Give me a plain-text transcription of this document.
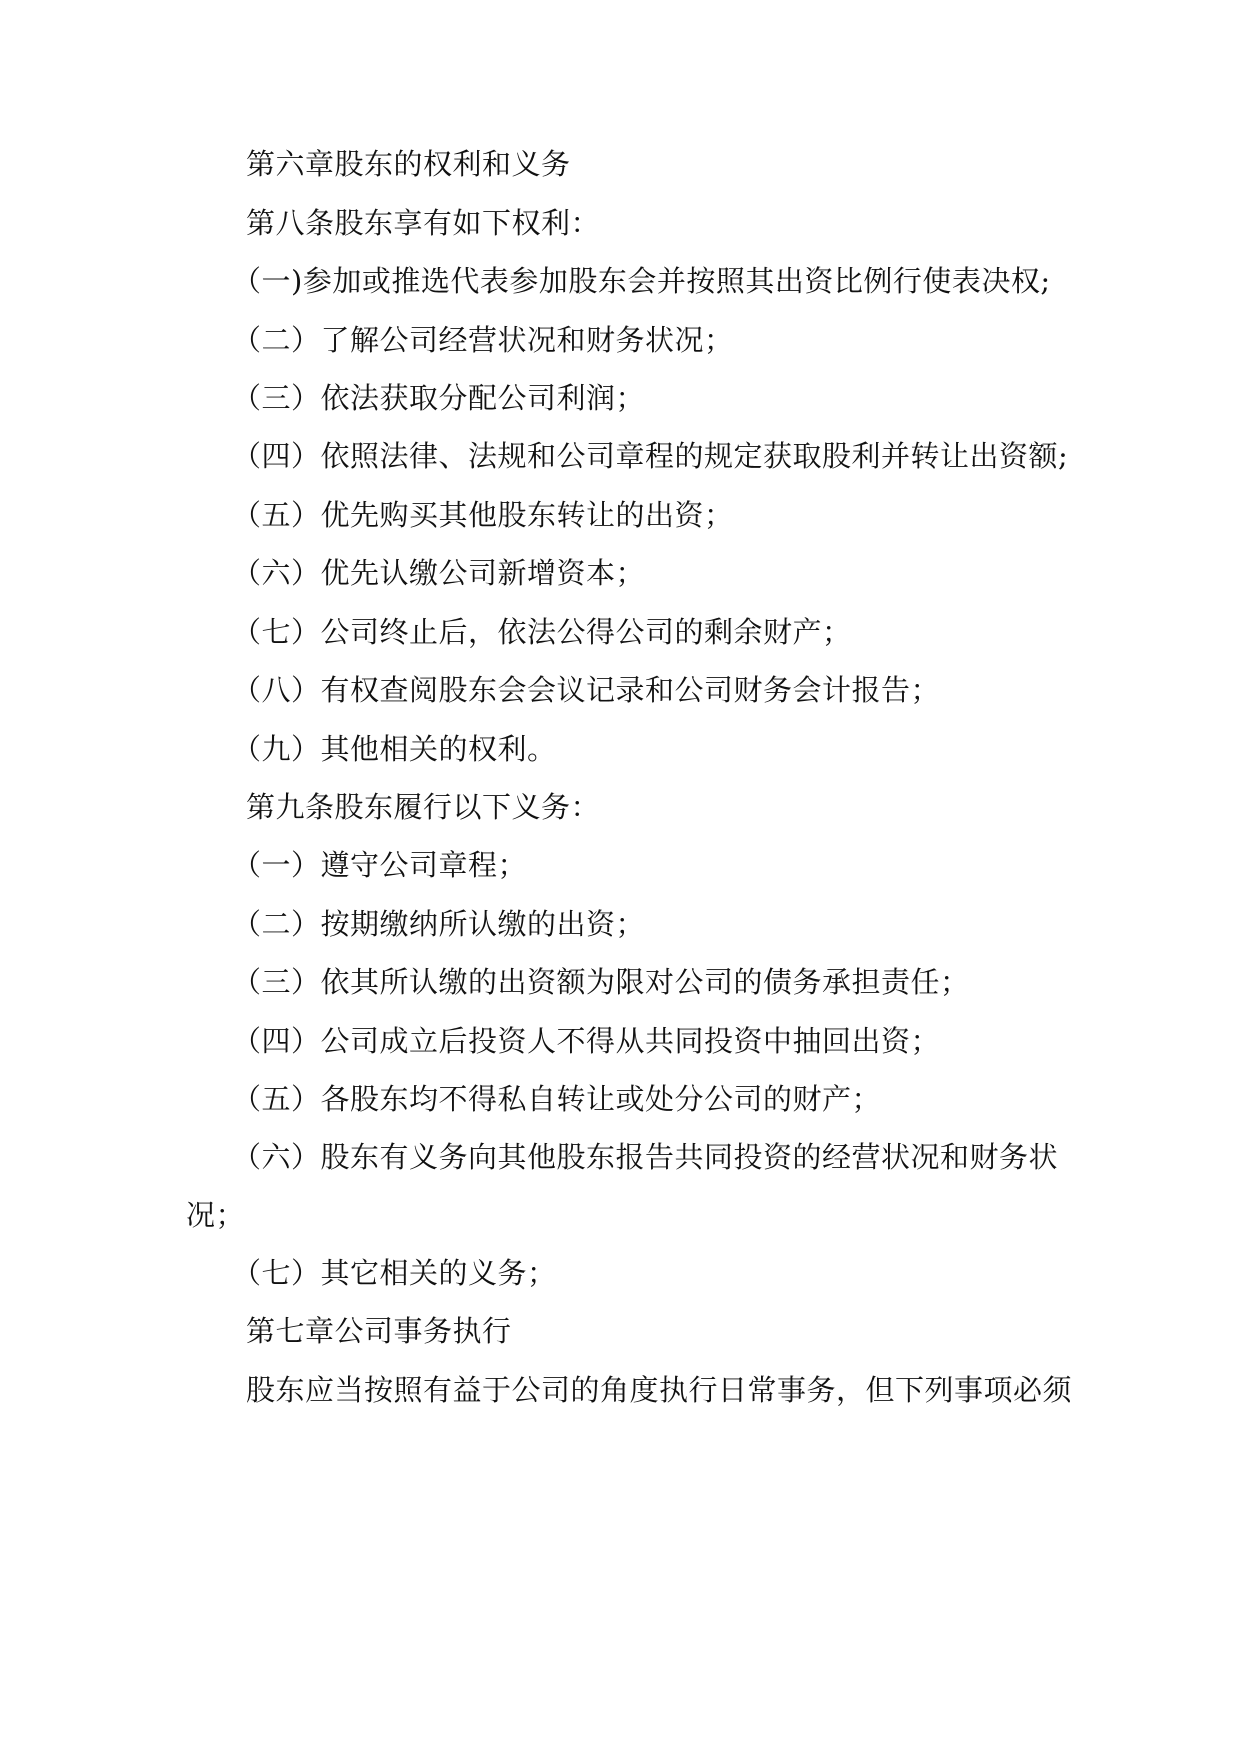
第六章股东的权利和义务
第八条股东享有如下权利：
（一)参加或推选代表参加股东会并按照其出资比例行使表决权;
（二）了解公司经营状况和财务状况；
（三）依法获取分配公司利润；
（四）依照法律、法规和公司章程的规定获取股利并转让出资额;
（五）优先购买其他股东转让的出资；
（六）优先认缴公司新增资本；
（七）公司终止后，依法公得公司的剩余财产；
（八）有权查阅股东会会议记录和公司财务会计报告；
（九）其他相关的权利。
第九条股东履行以下义务：
（一）遵守公司章程；
（二）按期缴纳所认缴的出资；
（三）依其所认缴的出资额为限对公司的债务承担责任；
（四）公司成立后投资人不得从共同投资中抽回出资；
（五）各股东均不得私自转让或处分公司的财产；
（六）股东有义务向其他股东报告共同投资的经营状况和财务状
况；
（七）其它相关的义务；
第七章公司事务执行
股东应当按照有益于公司的角度执行日常事务，但下列事项必须
